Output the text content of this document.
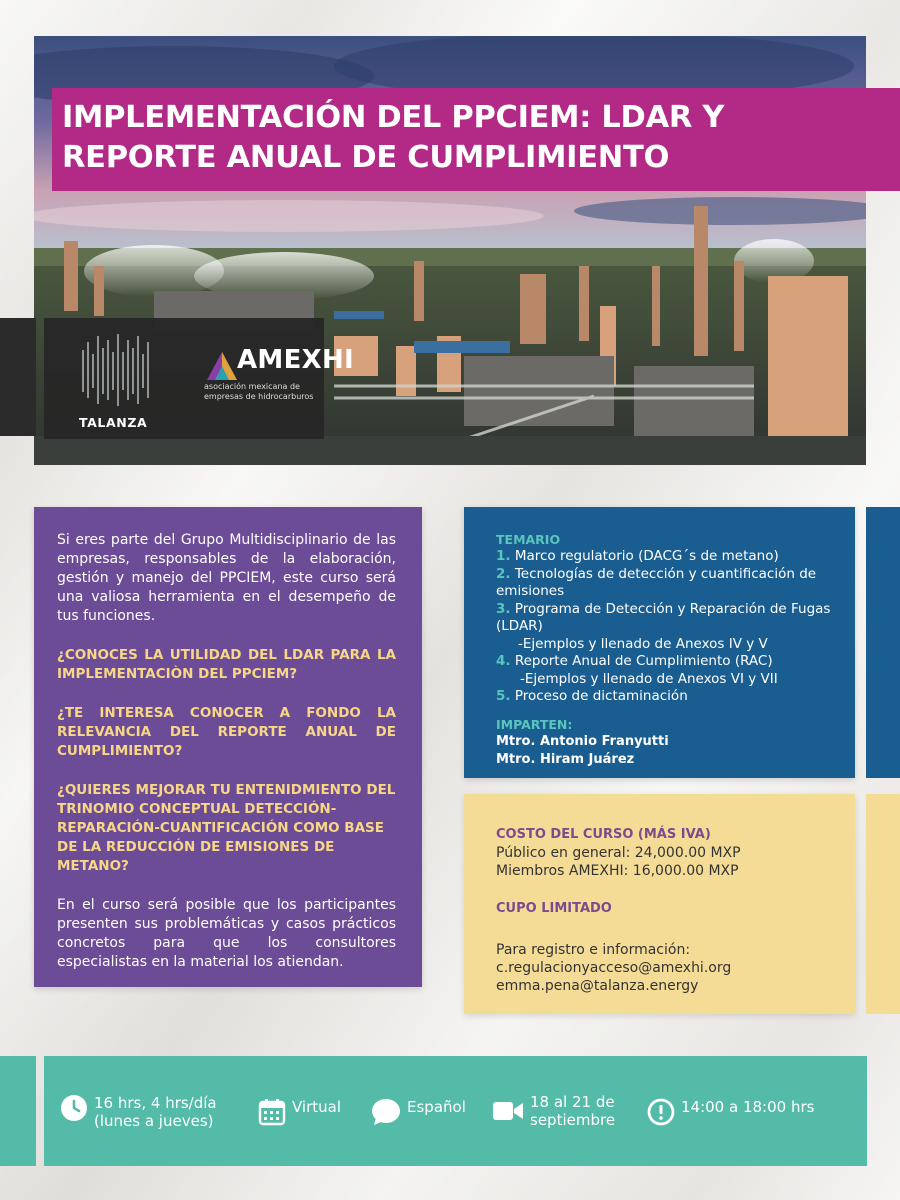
IMPLEMENTACIÓN DEL PPCIEM: LDAR Y
REPORTE ANUAL DE CUMPLIMIENTO
TALANZA
AMEXHI
asociación mexicana de empresas de hidrocarburos

Si eres parte del Grupo Multidisciplinario de las empresas, responsables de la elaboración, gestión y manejo del PPCIEM, este curso será una valiosa herramienta en el desempeño de tus funciones.

¿CONOCES LA UTILIDAD DEL LDAR PARA LA IMPLEMENTACIÒN DEL PPCIEM?

¿TE INTERESA CONOCER A FONDO LA RELEVANCIA DEL REPORTE ANUAL DE CUMPLIMIENTO?

¿QUIERES MEJORAR TU ENTENIDMIENTO DEL TRINOMIO CONCEPTUAL DETECCIÓN-REPARACIÓN-CUANTIFICACIÓN COMO BASE DE LA REDUCCIÓN DE EMISIONES DE METANO?

En el curso será posible que los participantes presenten sus problemáticas y casos prácticos concretos para que los consultores especialistas en la material los atiendan.

TEMARIO
1. Marco regulatorio (DACG´s de metano)
2. Tecnologías de detección y cuantificación de emisiones
3. Programa de Detección y Reparación de Fugas (LDAR)
-Ejemplos y llenado de Anexos IV y V
4. Reporte Anual de Cumplimiento (RAC)
-Ejemplos y llenado de Anexos VI y VII
5. Proceso de dictaminación
IMPARTEN:
Mtro. Antonio Franyutti
Mtro. Hiram Juárez
COSTO DEL CURSO (MÁS IVA)
Público en general: 24,000.00 MXP
Miembros AMEXHI: 16,000.00 MXP
CUPO LIMITADO
Para registro e información:
c.regulacionyacceso@amexhi.org
emma.pena@talanza.energy
16 hrs, 4 hrs/día
(lunes a jueves)
Virtual	Español	18 al 21 de
septiembre
14:00 a 18:00 hrs
